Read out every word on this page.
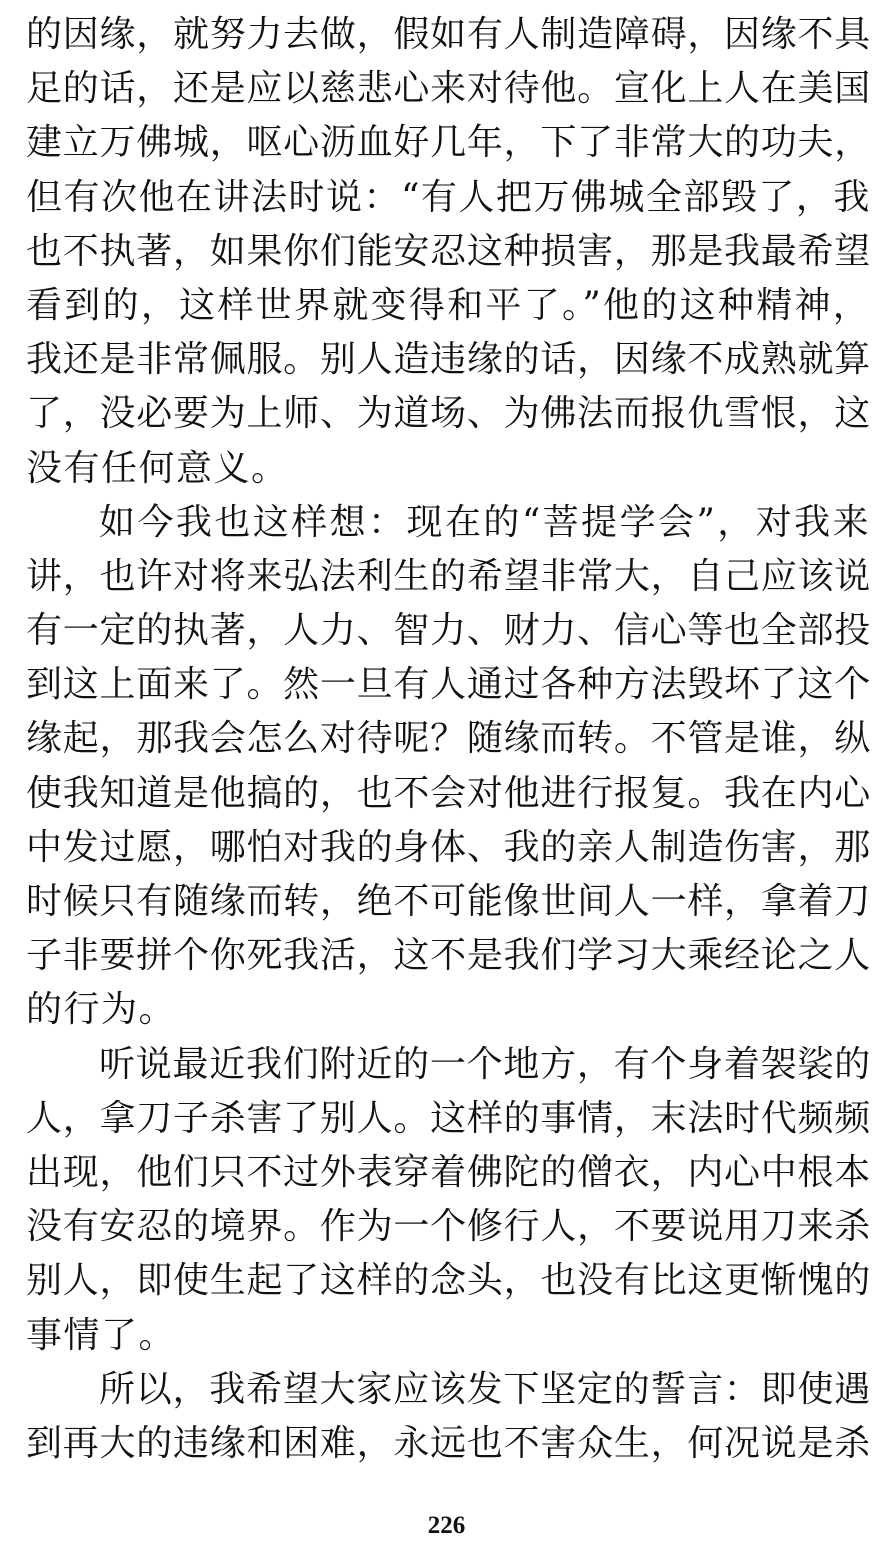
的因缘，就努力去做，假如有人制造障碍，因缘不具
足的话，还是应以慈悲心来对待他。宣化上人在美国
建立万佛城，呕心沥血好几年，下了非常大的功夫，
但有次他在讲法时说：“有人把万佛城全部毁了，我
也不执著，如果你们能安忍这种损害，那是我最希望
看到的，这样世界就变得和平了。”他的这种精神，
我还是非常佩服。别人造违缘的话，因缘不成熟就算
了，没必要为上师、为道场、为佛法而报仇雪恨，这
没有任何意义。
如今我也这样想：现在的“菩提学会”，对我来
讲，也许对将来弘法利生的希望非常大，自己应该说
有一定的执著，人力、智力、财力、信心等也全部投
到这上面来了。然一旦有人通过各种方法毁坏了这个
缘起，那我会怎么对待呢？随缘而转。不管是谁，纵
使我知道是他搞的，也不会对他进行报复。我在内心
中发过愿，哪怕对我的身体、我的亲人制造伤害，那
时候只有随缘而转，绝不可能像世间人一样，拿着刀
子非要拼个你死我活，这不是我们学习大乘经论之人
的行为。
听说最近我们附近的一个地方，有个身着袈裟的
人，拿刀子杀害了别人。这样的事情，末法时代频频
出现，他们只不过外表穿着佛陀的僧衣，内心中根本
没有安忍的境界。作为一个修行人，不要说用刀来杀
别人，即使生起了这样的念头，也没有比这更惭愧的
事情了。
所以，我希望大家应该发下坚定的誓言：即使遇
到再大的违缘和困难，永远也不害众生，何况说是杀
226
